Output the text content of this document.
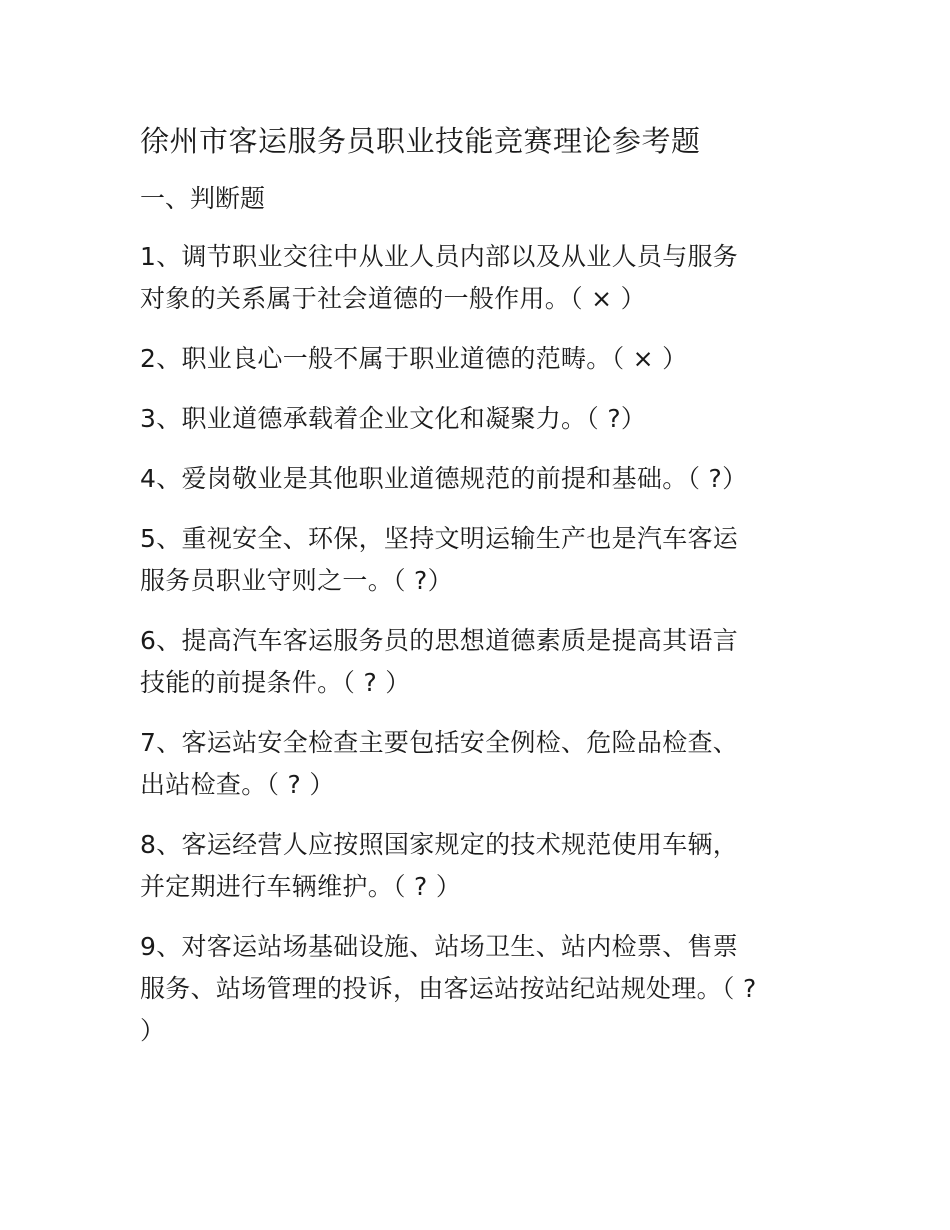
徐州市客运服务员职业技能竞赛理论参考题
一、判断题
1、调节职业交往中从业人员内部以及从业人员与服务
对象的关系属于社会道德的一般作用。（ × ）
2、职业良心一般不属于职业道德的范畴。（ × ）
3、职业道德承载着企业文化和凝聚力。（ ?）
4、爱岗敬业是其他职业道德规范的前提和基础。（ ?）
5、重视安全、环保，坚持文明运输生产也是汽车客运
服务员职业守则之一。（ ?）
6、提高汽车客运服务员的思想道德素质是提高其语言
技能的前提条件。（ ? ）
7、客运站安全检查主要包括安全例检、危险品检查、
出站检查。（ ? ）
8、客运经营人应按照国家规定的技术规范使用车辆，
并定期进行车辆维护。（ ? ）
9、对客运站场基础设施、站场卫生、站内检票、售票
服务、站场管理的投诉，由客运站按站纪站规处理。（ ?
）
